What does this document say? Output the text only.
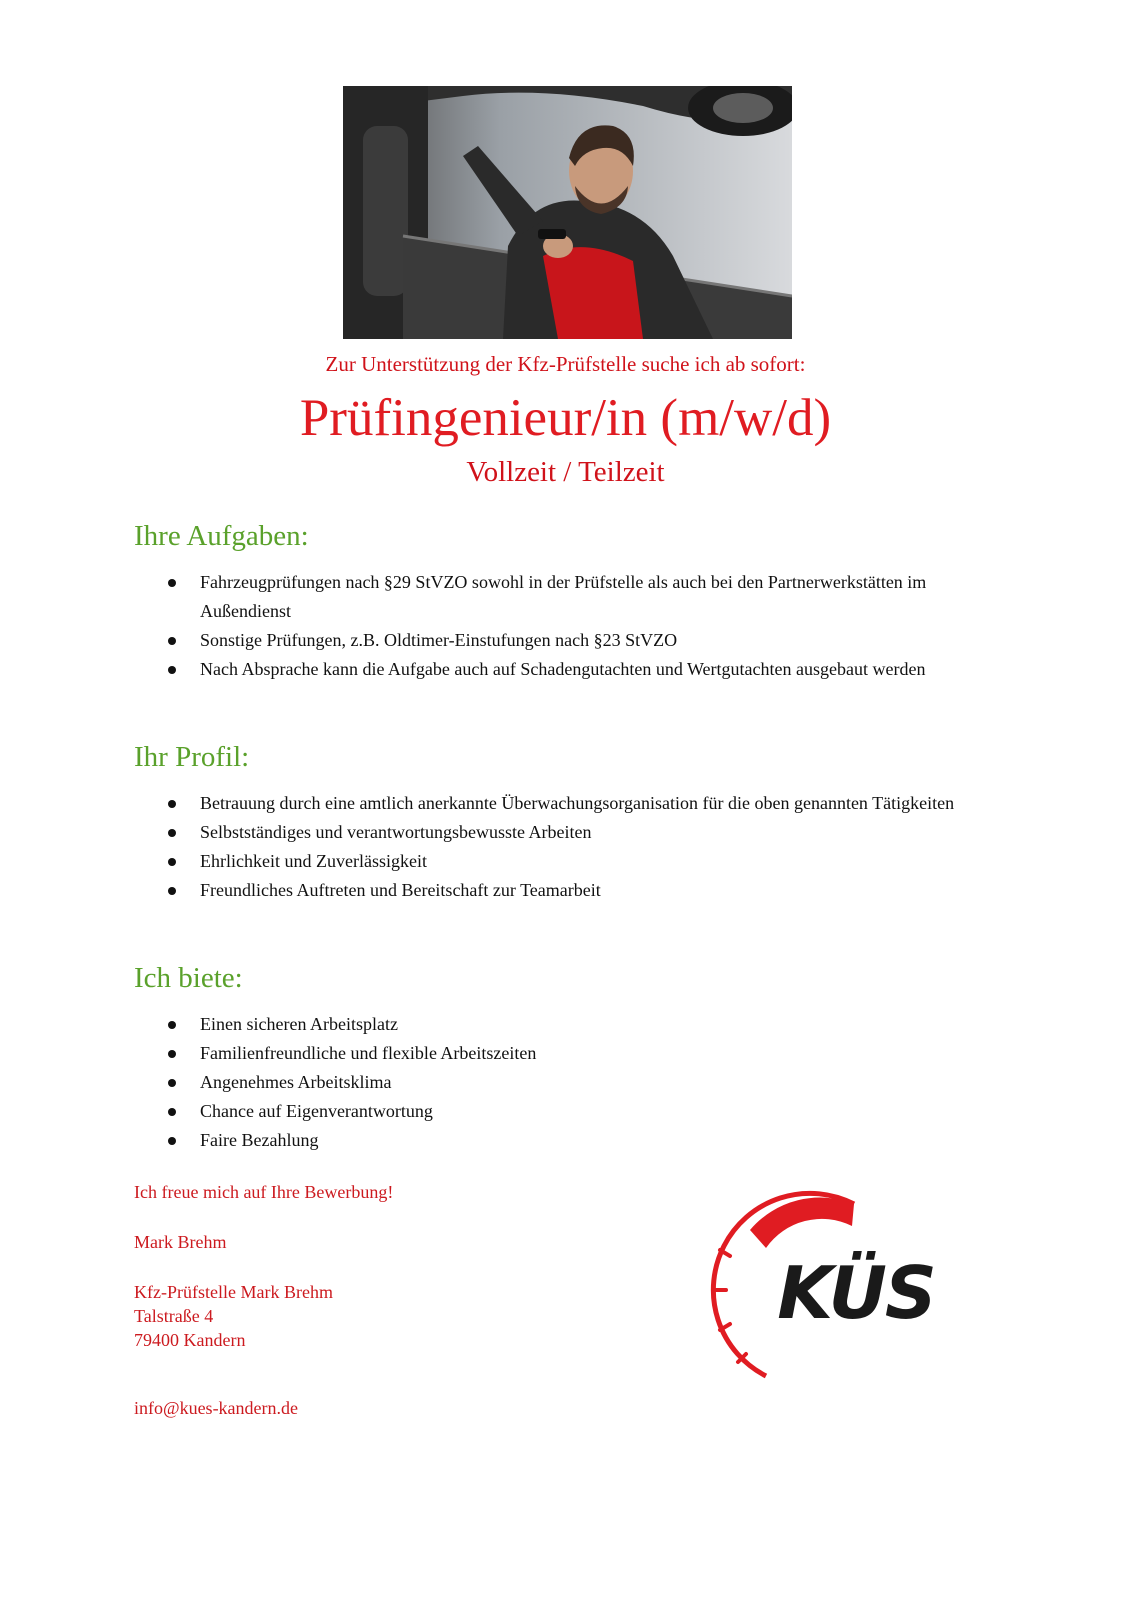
Zur Unterstützung der Kfz-Prüfstelle suche ich ab sofort:
Prüfingenieur/in (m/w/d)
Vollzeit / Teilzeit
Ihre Aufgaben:
Fahrzeugprüfungen nach §29 StVZO sowohl in der Prüfstelle als auch bei den Partnerwerkstätten im Außendienst
Sonstige Prüfungen, z.B. Oldtimer-Einstufungen nach §23 StVZO
Nach Absprache kann die Aufgabe auch auf Schadengutachten und Wertgutachten ausgebaut werden
Ihr Profil:
Betrauung durch eine amtlich anerkannte Überwachungsorganisation für die oben genannten Tätigkeiten
Selbstständiges und verantwortungsbewusste Arbeiten
Ehrlichkeit und Zuverlässigkeit
Freundliches Auftreten und Bereitschaft zur Teamarbeit
Ich biete:
Einen sicheren Arbeitsplatz
Familienfreundliche und flexible Arbeitszeiten
Angenehmes Arbeitsklima
Chance auf Eigenverantwortung
Faire Bezahlung
Ich freue mich auf Ihre Bewerbung!
Mark Brehm
Kfz-Prüfstelle Mark Brehm
Talstraße 4
79400 Kandern
info@kues-kandern.de
KÜS
